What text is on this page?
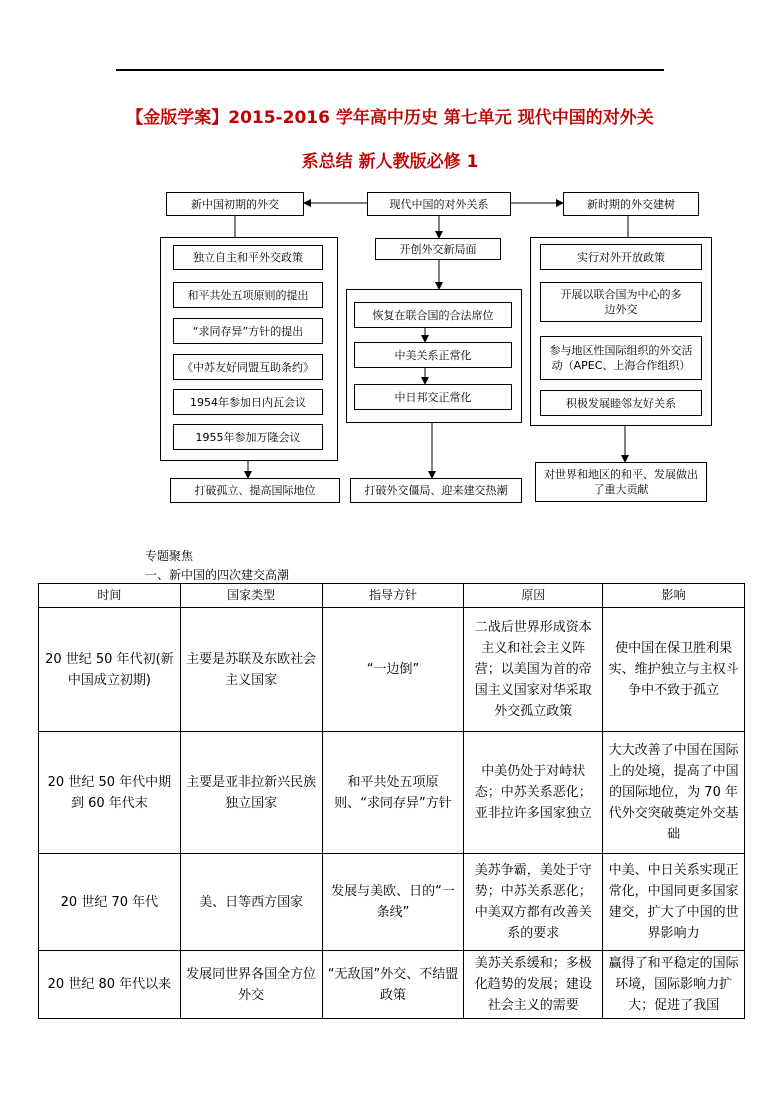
【金版学案】2015-2016 学年高中历史 第七单元 现代中国的对外关
系总结 新人教版必修 1
新中国初期的外交	现代中国的对外关系	新时期的外交建树
独立自主和平外交政策
和平共处五项原则的提出
“求同存异”方针的提出
《中苏友好同盟互助条约》
1954年参加日内瓦会议
1955年参加万隆会议
开创外交新局面
恢复在联合国的合法席位
中美关系正常化
中日邦交正常化
实行对外开放政策
开展以联合国为中心的多边外交
参与地区性国际组织的外交活动（APEC、上海合作组织）
积极发展睦邻友好关系
打破孤立、提高国际地位	打破外交僵局、迎来建交热潮
对世界和地区的和平、发展做出了重大贡献
专题聚焦
一、新中国的四次建交高潮
时间	国家类型	指导方针	原因	影响
20 世纪 50 年代初(新中国成立初期)	主要是苏联及东欧社会主义国家	“一边倒”	二战后世界形成资本主义和社会主义阵营；以美国为首的帝国主义国家对华采取外交孤立政策	使中国在保卫胜利果实、维护独立与主权斗争中不致于孤立
20 世纪 50 年代中期到 60 年代末	主要是亚非拉新兴民族独立国家	和平共处五项原则、“求同存异”方针	中美仍处于对峙状态；中苏关系恶化；亚非拉许多国家独立	大大改善了中国在国际上的处境，提高了中国的国际地位，为 70 年代外交突破奠定外交基础
20 世纪 70 年代	美、日等西方国家	发展与美欧、日的“一条线”	美苏争霸，美处于守势；中苏关系恶化；中美双方都有改善关系的要求	中美、中日关系实现正常化，中国同更多国家建交，扩大了中国的世界影响力
20 世纪 80 年代以来	发展同世界各国全方位外交	“无敌国”外交、不结盟政策	美苏关系缓和；多极化趋势的发展；建设社会主义的需要	赢得了和平稳定的国际环境，国际影响力扩大；促进了我国
